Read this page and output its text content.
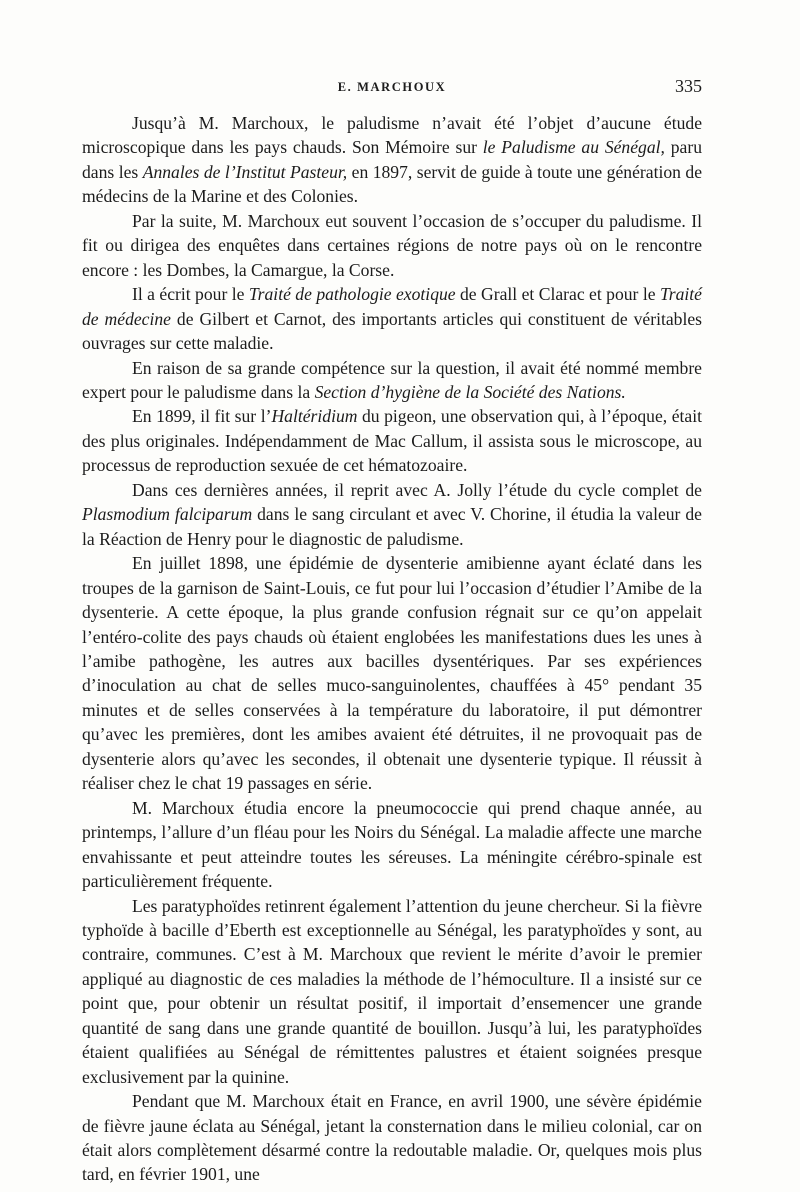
E. MARCHOUX	335

Jusqu’à M. Marchoux, le paludisme n’avait été l’objet d’aucune étude microscopique dans les pays chauds. Son Mémoire sur le Paludisme au Sénégal, paru dans les Annales de l’Institut Pasteur, en 1897, servit de guide à toute une génération de médecins de la Marine et des Colonies.

Par la suite, M. Marchoux eut souvent l’occasion de s’occuper du paludisme. Il fit ou dirigea des enquêtes dans certaines régions de notre pays où on le rencontre encore : les Dombes, la Camargue, la Corse.

Il a écrit pour le Traité de pathologie exotique de Grall et Clarac et pour le Traité de médecine de Gilbert et Carnot, des importants articles qui constituent de véritables ouvrages sur cette maladie.

En raison de sa grande compétence sur la question, il avait été nommé membre expert pour le paludisme dans la Section d’hygiène de la Société des Nations.

En 1899, il fit sur l’Haltéridium du pigeon, une observation qui, à l’époque, était des plus originales. Indépendamment de Mac Callum, il assista sous le microscope, au processus de reproduction sexuée de cet hématozoaire.

Dans ces dernières années, il reprit avec A. Jolly l’étude du cycle complet de Plasmodium falciparum dans le sang circulant et avec V. Chorine, il étudia la valeur de la Réaction de Henry pour le diagnostic de paludisme.

En juillet 1898, une épidémie de dysenterie amibienne ayant éclaté dans les troupes de la garnison de Saint-Louis, ce fut pour lui l’occasion d’étudier l’Amibe de la dysenterie. A cette époque, la plus grande confusion régnait sur ce qu’on appelait l’entéro-colite des pays chauds où étaient englobées les manifestations dues les unes à l’amibe pathogène, les autres aux bacilles dysentériques. Par ses expériences d’inoculation au chat de selles muco-sanguinolentes, chauffées à 45° pendant 35 minutes et de selles conservées à la température du laboratoire, il put démontrer qu’avec les premières, dont les amibes avaient été détruites, il ne provoquait pas de dysenterie alors qu’avec les secondes, il obtenait une dysenterie typique. Il réussit à réaliser chez le chat 19 passages en série.

M. Marchoux étudia encore la pneumococcie qui prend chaque année, au printemps, l’allure d’un fléau pour les Noirs du Sénégal. La maladie affecte une marche envahissante et peut atteindre toutes les séreuses. La méningite cérébro-spinale est particulièrement fréquente.

Les paratyphoïdes retinrent également l’attention du jeune chercheur. Si la fièvre typhoïde à bacille d’Eberth est exceptionnelle au Sénégal, les paratyphoïdes y sont, au contraire, communes. C’est à M. Marchoux que revient le mérite d’avoir le premier appliqué au diagnostic de ces maladies la méthode de l’hémoculture. Il a insisté sur ce point que, pour obtenir un résultat positif, il importait d’ensemencer une grande quantité de sang dans une grande quantité de bouillon. Jusqu’à lui, les paratyphoïdes étaient qualifiées au Sénégal de rémittentes palustres et étaient soignées presque exclusivement par la quinine.

Pendant que M. Marchoux était en France, en avril 1900, une sévère épidémie de fièvre jaune éclata au Sénégal, jetant la consternation dans le milieu colonial, car on était alors complètement désarmé contre la redoutable maladie. Or, quelques mois plus tard, en février 1901, une
